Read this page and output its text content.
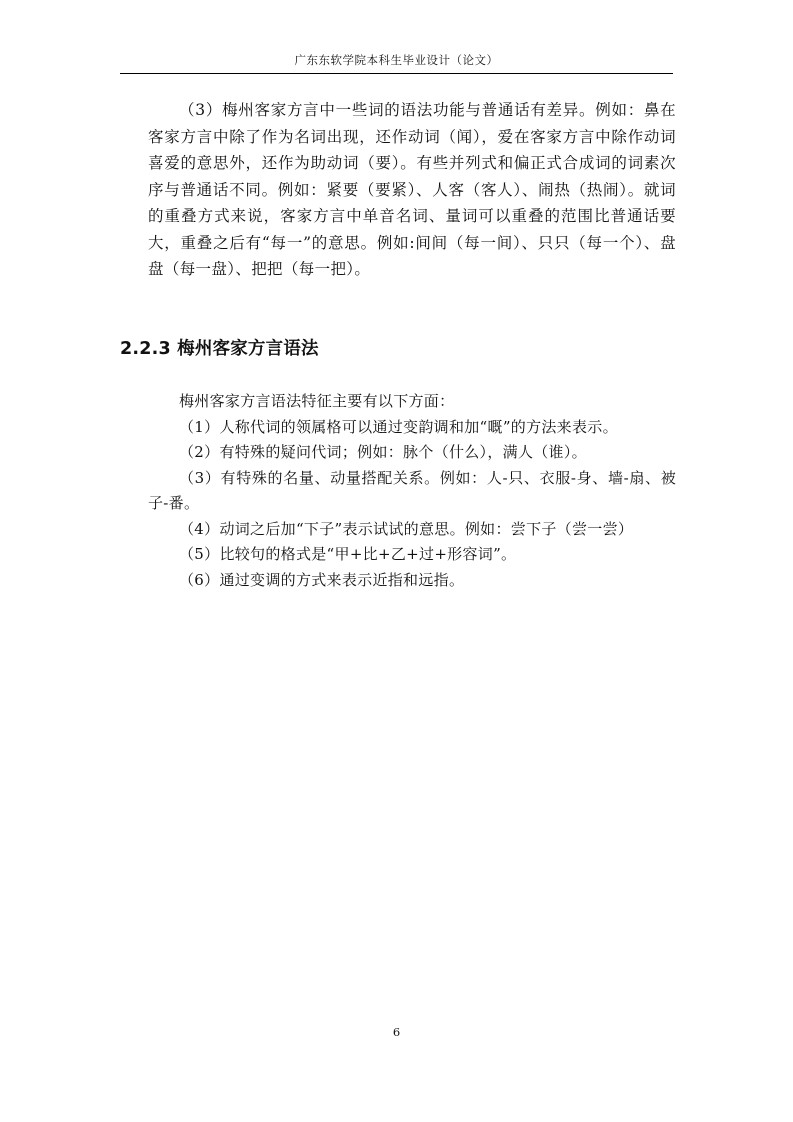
广东东软学院本科生毕业设计（论文）

（3）梅州客家方言中一些词的语法功能与普通话有差异。例如：鼻在客家方言中除了作为名词出现，还作动词（闻），爱在客家方言中除作动词喜爱的意思外，还作为助动词（要）。有些并列式和偏正式合成词的词素次序与普通话不同。例如：紧要（要紧）、人客（客人）、闹热（热闹）。就词的重叠方式来说，客家方言中单音名词、量词可以重叠的范围比普通话要大，重叠之后有“每一”的意思。例如:间间（每一间）、只只（每一个）、盘盘（每一盘）、把把（每一把）。

2.2.3 梅州客家方言语法

梅州客家方言语法特征主要有以下方面：

（1）人称代词的领属格可以通过变韵调和加“嘅”的方法来表示。

（2）有特殊的疑问代词；例如：脉个（什么），满人（谁）。

（3）有特殊的名量、动量搭配关系。例如：人-只、衣服-身、墙-扇、被子-番。

（4）动词之后加“下子”表示试试的意思。例如：尝下子（尝一尝）

（5）比较句的格式是“甲+比+乙+过+形容词”。

（6）通过变调的方式来表示近指和远指。

6
